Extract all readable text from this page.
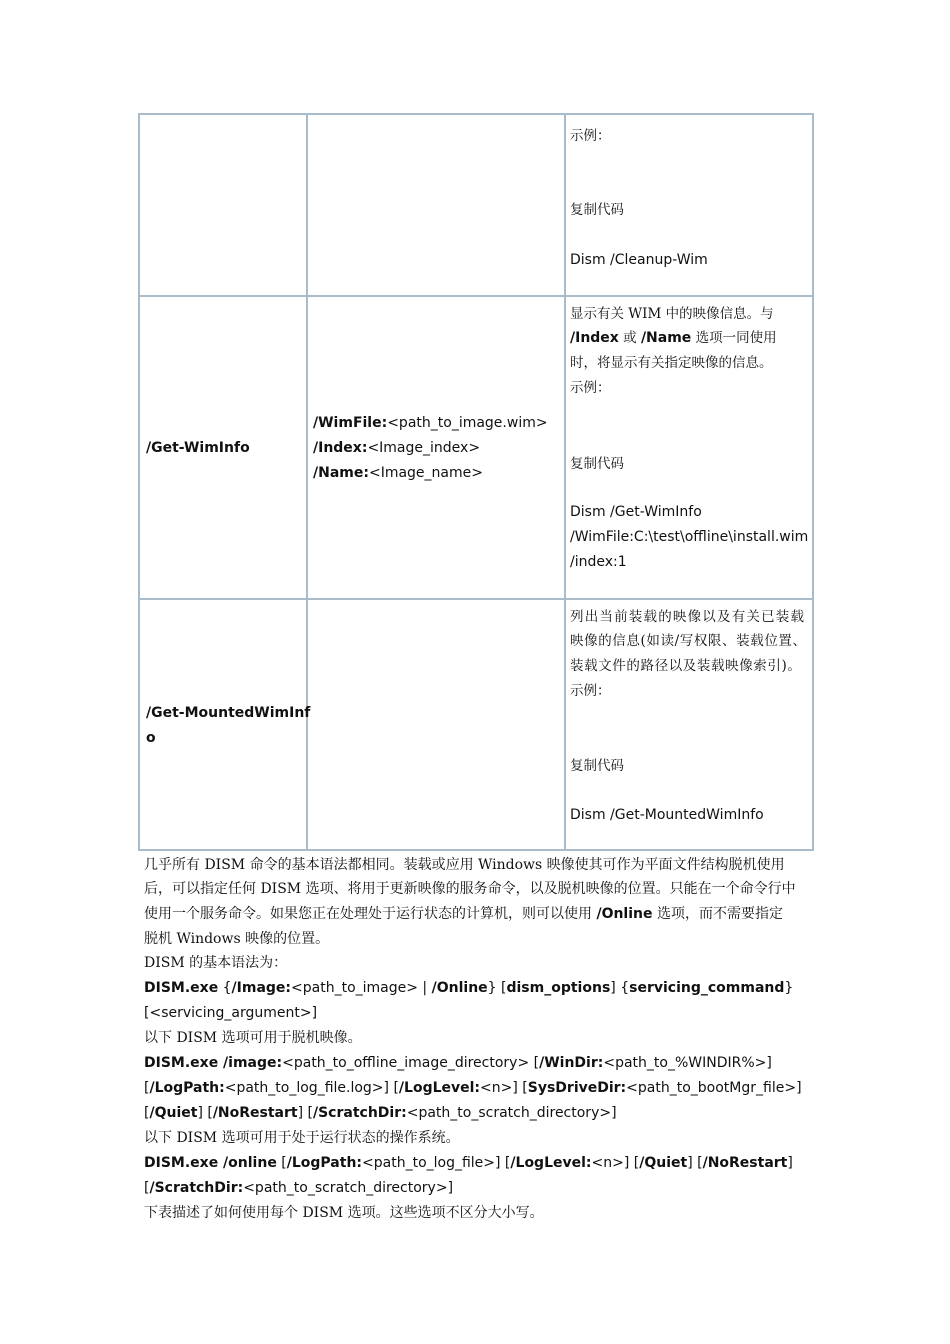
示例：
复制代码
Dism /Cleanup-Wim
/Get-WimInfo
/WimFile:<path_to_image.wim>
/Index:<Image_index>
/Name:<Image_name>
显示有关 WIM 中的映像信息。与
/Index 或 /Name 选项一同使用
时，将显示有关指定映像的信息。
示例：
复制代码
Dism /Get-WimInfo
/WimFile:C:\test\offline\install.wim
/index:1
/Get-MountedWimInf
o
列出当前装载的映像以及有关已装载
映像的信息(如读/写权限、装载位置、
装载文件的路径以及装载映像索引)。
示例：
复制代码
Dism /Get-MountedWimInfo
几乎所有 DISM 命令的基本语法都相同。装载或应用 Windows 映像使其可作为平面文件结构脱机使用
后，可以指定任何 DISM 选项、将用于更新映像的服务命令，以及脱机映像的位置。只能在一个命令行中
使用一个服务命令。如果您正在处理处于运行状态的计算机，则可以使用 /Online 选项，而不需要指定
脱机 Windows 映像的位置。
DISM 的基本语法为：
DISM.exe {/Image:<path_to_image> | /Online} [dism_options] {servicing_command}
[<servicing_argument>]
以下 DISM 选项可用于脱机映像。
DISM.exe /image:<path_to_offline_image_directory> [/WinDir:<path_to_%WINDIR%>]
[/LogPath:<path_to_log_file.log>] [/LogLevel:<n>] [SysDriveDir:<path_to_bootMgr_file>]
[/Quiet] [/NoRestart] [/ScratchDir:<path_to_scratch_directory>]
以下 DISM 选项可用于处于运行状态的操作系统。
DISM.exe /online [/LogPath:<path_to_log_file>] [/LogLevel:<n>] [/Quiet] [/NoRestart]
[/ScratchDir:<path_to_scratch_directory>]
下表描述了如何使用每个 DISM 选项。这些选项不区分大小写。
